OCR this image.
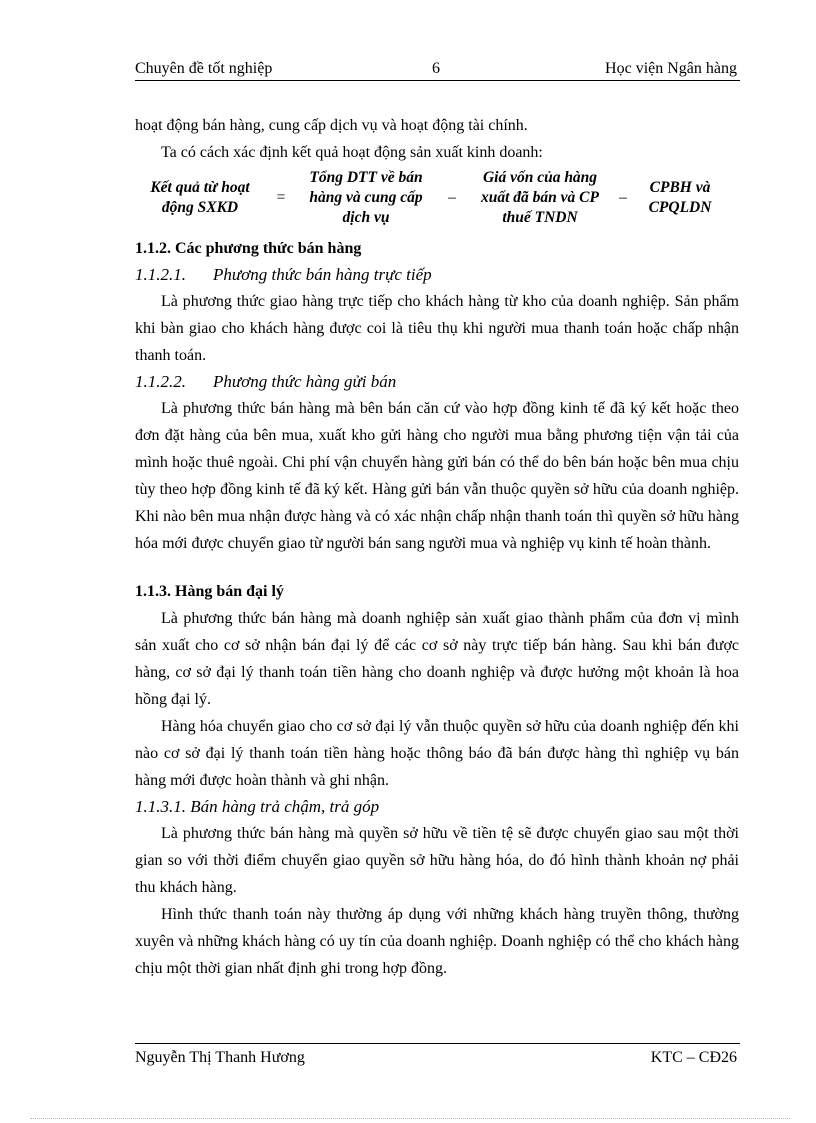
Chuyên đề tốt nghiệp	6	Học viện Ngân hàng

hoạt động bán hàng, cung cấp dịch vụ và hoạt động tài chính.

Ta có cách xác định kết quả hoạt động sản xuất kinh doanh:

Kết quả từ hoạt động SXKD
=
Tổng DTT về bán hàng và cung cấp dịch vụ
–
Giá vốn của hàng xuất đã bán và CP thuế TNDN
–
CPBH và CPQLDN
1.1.2. Các phương thức bán hàng
1.1.2.1. Phương thức bán hàng trực tiếp

Là phương thức giao hàng trực tiếp cho khách hàng từ kho của doanh nghiệp. Sản phẩm khi bàn giao cho khách hàng được coi là tiêu thụ khi người mua thanh toán hoặc chấp nhận thanh toán.

1.1.2.2. Phương thức hàng gửi bán

Là phương thức bán hàng mà bên bán căn cứ vào hợp đồng kinh tế đã ký kết hoặc theo đơn đặt hàng của bên mua, xuất kho gửi hàng cho người mua bằng phương tiện vận tải của mình hoặc thuê ngoài. Chi phí vận chuyển hàng gửi bán có thể do bên bán hoặc bên mua chịu tùy theo hợp đồng kinh tế đã ký kết. Hàng gửi bán vẫn thuộc quyền sở hữu của doanh nghiệp. Khi nào bên mua nhận được hàng và có xác nhận chấp nhận thanh toán thì quyền sở hữu hàng hóa mới được chuyển giao từ người bán sang người mua và nghiệp vụ kinh tế hoàn thành.

1.1.3. Hàng bán đại lý

Là phương thức bán hàng mà doanh nghiệp sản xuất giao thành phẩm của đơn vị mình sản xuất cho cơ sở nhận bán đại lý để các cơ sở này trực tiếp bán hàng. Sau khi bán được hàng, cơ sở đại lý thanh toán tiền hàng cho doanh nghiệp và được hưởng một khoản là hoa hồng đại lý.

Hàng hóa chuyển giao cho cơ sở đại lý vẫn thuộc quyền sở hữu của doanh nghiệp đến khi nào cơ sở đại lý thanh toán tiền hàng hoặc thông báo đã bán được hàng thì nghiệp vụ bán hàng mới được hoàn thành và ghi nhận.

1.1.3.1. Bán hàng trả chậm, trả góp

Là phương thức bán hàng mà quyền sở hữu về tiền tệ sẽ được chuyển giao sau một thời gian so với thời điểm chuyển giao quyền sở hữu hàng hóa, do đó hình thành khoản nợ phải thu khách hàng.

Hình thức thanh toán này thường áp dụng với những khách hàng truyền thông, thường xuyên và những khách hàng có uy tín của doanh nghiệp. Doanh nghiệp có thể cho khách hàng chịu một thời gian nhất định ghi trong hợp đồng.

Nguyễn Thị Thanh Hương	KTC – CĐ26
